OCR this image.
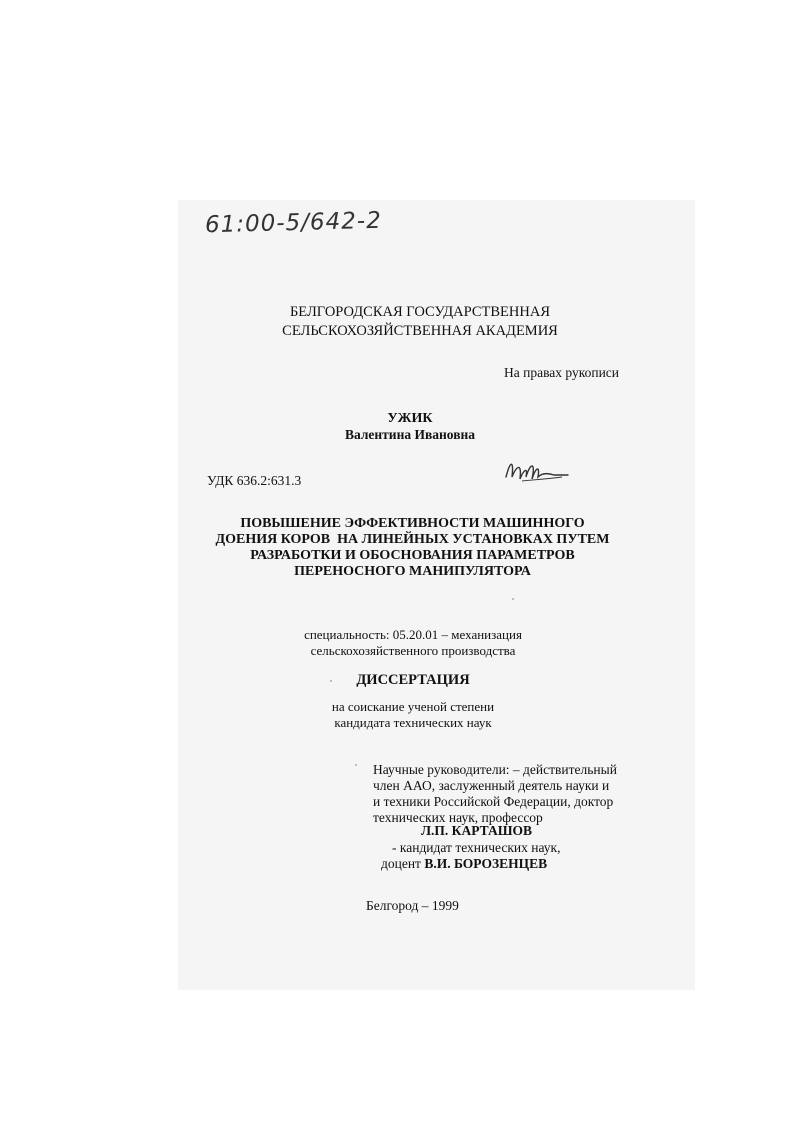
61:00-5/642-2
БЕЛГОРОДСКАЯ ГОСУДАРСТВЕННАЯ
СЕЛЬСКОХОЗЯЙСТВЕННАЯ АКАДЕМИЯ
На правах рукописи
УЖИК
Валентина Ивановна
УДК 636.2:631.3
ПОВЫШЕНИЕ ЭФФЕКТИВНОСТИ МАШИННОГО
ДОЕНИЯ КОРОВ  НА ЛИНЕЙНЫХ УСТАНОВКАХ ПУТЕМ
РАЗРАБОТКИ И ОБОСНОВАНИЯ ПАРАМЕТРОВ
ПЕРЕНОСНОГО МАНИПУЛЯТОРА
специальность: 05.20.01 – механизация
сельскохозяйственного производства
ДИССЕРТАЦИЯ
на соискание ученой степени
кандидата технических наук
Научные руководители: – действительный
член ААО, заслуженный деятель науки и
и техники Российской Федерации, доктор
технических наук, профессор
Л.П. КАРТАШОВ
- кандидат технических наук,
доцент В.И. БОРОЗЕНЦЕВ
Белгород – 1999
